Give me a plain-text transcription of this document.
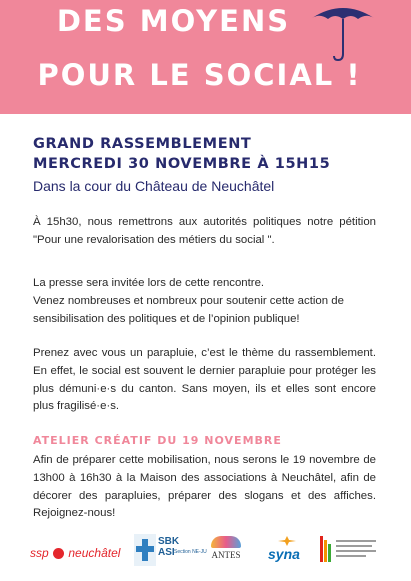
DES MOYENS
POUR LE SOCIAL !
GRAND RASSEMBLEMENT
MERCREDI 30 NOVEMBRE À 15H15
Dans la cour du Château de Neuchâtel
À 15h30, nous remettrons aux autorités politiques notre pétition "Pour une revalorisation des métiers du social ".
La presse sera invitée lors de cette rencontre.
Venez nombreuses et nombreux pour soutenir cette action de sensibilisation des politiques et de l’opinion publique!
Prenez avec vous un parapluie, c’est le thème du rassemblement. En effet, le social est souvent le dernier parapluie pour protéger les plus démuni·e·s du canton. Sans moyen, ils et elles sont encore plus fragilisé·e·s.
ATELIER CRÉATIF DU 19 NOVEMBRE
Afin de préparer cette mobilisation, nous serons le 19 novembre de 13h00 à 16h30 à la Maison des associations à Neuchâtel, afin de décorer des parapluies, préparer des slogans et des affiches. Rejoignez-nous!
ssp neuchâtel
SBK
ASI Section NE-JU ANTES	syna
